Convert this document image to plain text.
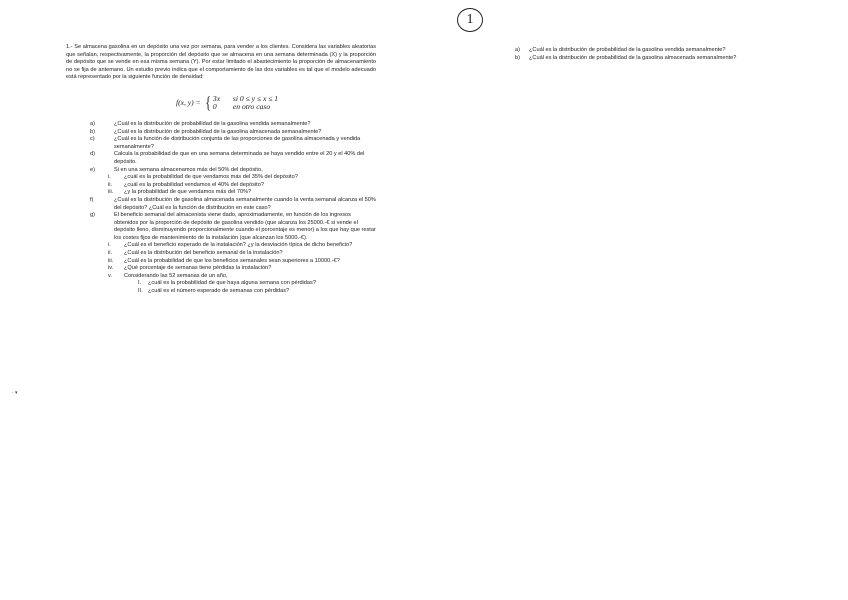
1
· ▾

1.- Se almacena gasolina en un depósito una vez por semana, para vender a los clientes. Considera las variables aleatorias que señalan, respectivamente, la proporción del depósito que se almacena en una semana determinada (X) y la proporción de depósito que se vende en esa misma semana (Y). Por estar limitado el abastecimiento la proporción de almacenamiento no se fija de antemano. Un estudio previo indica que el comportamiento de las dos variables es tal que el modelo adecuado está representado por la siguiente función de densidad:

f(x, y) = { 3x	si 0 ≤ y ≤ x ≤ 1
0	en otro caso
a)	¿Cuál es la distribución de probabilidad de la gasolina vendida semanalmente?
b)	¿Cuál es la distribución de probabilidad de la gasolina almacenada semanalmente?
c)	¿Cuál es la función de distribución conjunta de las proporciones de gasolina almacenada y vendida semanalmente?
d)	Calcula la probabilidad de que en una semana determinada se haya vendido entre el 20 y el 40% del depósito.
e)	Si en una semana almacenamos más del 50% del depósito,
i.	¿cuál es la probabilidad de que vendamos más del 35% del depósito?
ii.	¿cuál es la probabilidad vendamos el 40% del depósito?
iii.	¿y la probabilidad de que vendamos más del 70%?
f)	¿Cuál es la distribución de gasolina almacenada semanalmente cuando la venta semanal alcanza el 50% del depósito? ¿Cuál es la función de distribución en este caso?
g)	El beneficio semanal del almacenista viene dado, aproximadamente, en función de los ingresos obtenidos por la proporción de depósito de gasolina vendido (que alcanza los 25000.-€ si vende el depósito lleno, disminuyendo proporcionalmente cuando el porcentaje es menor) a los que hay que restar los costes fijos de mantenimiento de la instalación (que alcanzan los 5000.-€).
i.	¿Cuál es el beneficio esperado de la instalación? ¿y la desviación típica de dicho beneficio?
ii.	¿Cuál es la distribución del beneficio semanal de la instalación?
iii.	¿Cuál es la probabilidad de que los beneficios semanales sean superiores a 10000.-€?
iv.	¿Qué porcentaje de semanas tiene pérdidas la instalación?
v.	Considerando las 52 semanas de un año,
I.	¿cuál es la probabilidad de que haya alguna semana con pérdidas?
II. ¿cuál es el número esperado de semanas con pérdidas?
a)	¿Cuál es la distribución de probabilidad de la gasolina vendida semanalmente?
b)	¿Cuál es la distribución de probabilidad de la gasolina almacenada semanalmente?
